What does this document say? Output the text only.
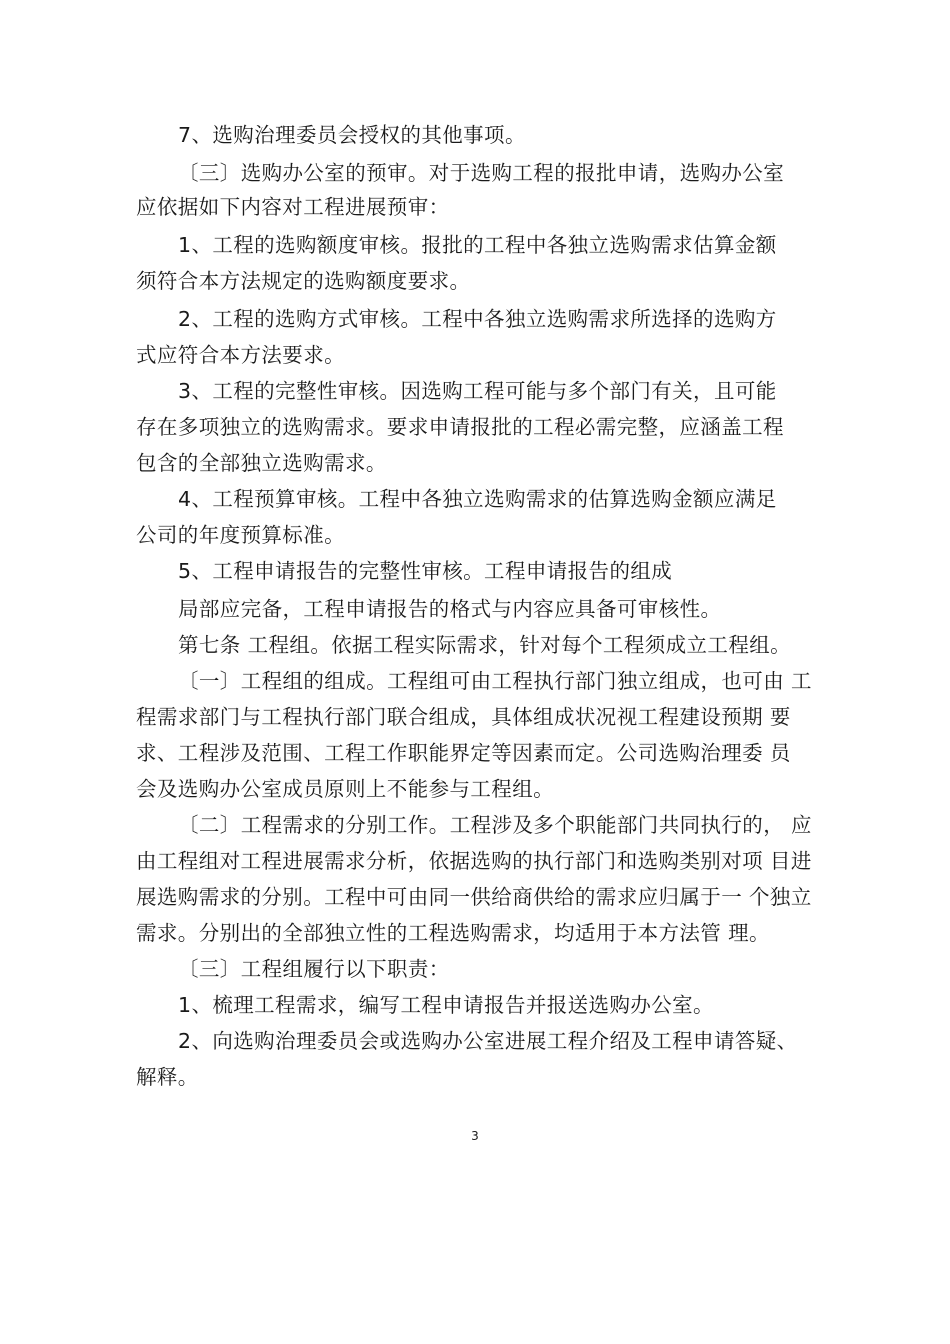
7、选购治理委员会授权的其他事项。
〔三〕选购办公室的预审。对于选购工程的报批申请，选购办公室
应依据如下内容对工程进展预审：
1、工程的选购额度审核。报批的工程中各独立选购需求估算金额
须符合本方法规定的选购额度要求。
2、工程的选购方式审核。工程中各独立选购需求所选择的选购方
式应符合本方法要求。
3、工程的完整性审核。因选购工程可能与多个部门有关，且可能
存在多项独立的选购需求。要求申请报批的工程必需完整，应涵盖工程
包含的全部独立选购需求。
4、工程预算审核。工程中各独立选购需求的估算选购金额应满足
公司的年度预算标准。
5、工程申请报告的完整性审核。工程申请报告的组成
局部应完备，工程申请报告的格式与内容应具备可审核性。
第七条 工程组。依据工程实际需求，针对每个工程须成立工程组。
〔一〕工程组的组成。工程组可由工程执行部门独立组成，也可由 工
程需求部门与工程执行部门联合组成，具体组成状况视工程建设预期 要
求、工程涉及范围、工程工作职能界定等因素而定。公司选购治理委 员
会及选购办公室成员原则上不能参与工程组。
〔二〕工程需求的分别工作。工程涉及多个职能部门共同执行的， 应
由工程组对工程进展需求分析，依据选购的执行部门和选购类别对项 目进
展选购需求的分别。工程中可由同一供给商供给的需求应归属于一 个独立
需求。分别出的全部独立性的工程选购需求，均适用于本方法管 理。
〔三〕工程组履行以下职责：
1、梳理工程需求，编写工程申请报告并报送选购办公室。
2、向选购治理委员会或选购办公室进展工程介绍及工程申请答疑、
解释。
3
